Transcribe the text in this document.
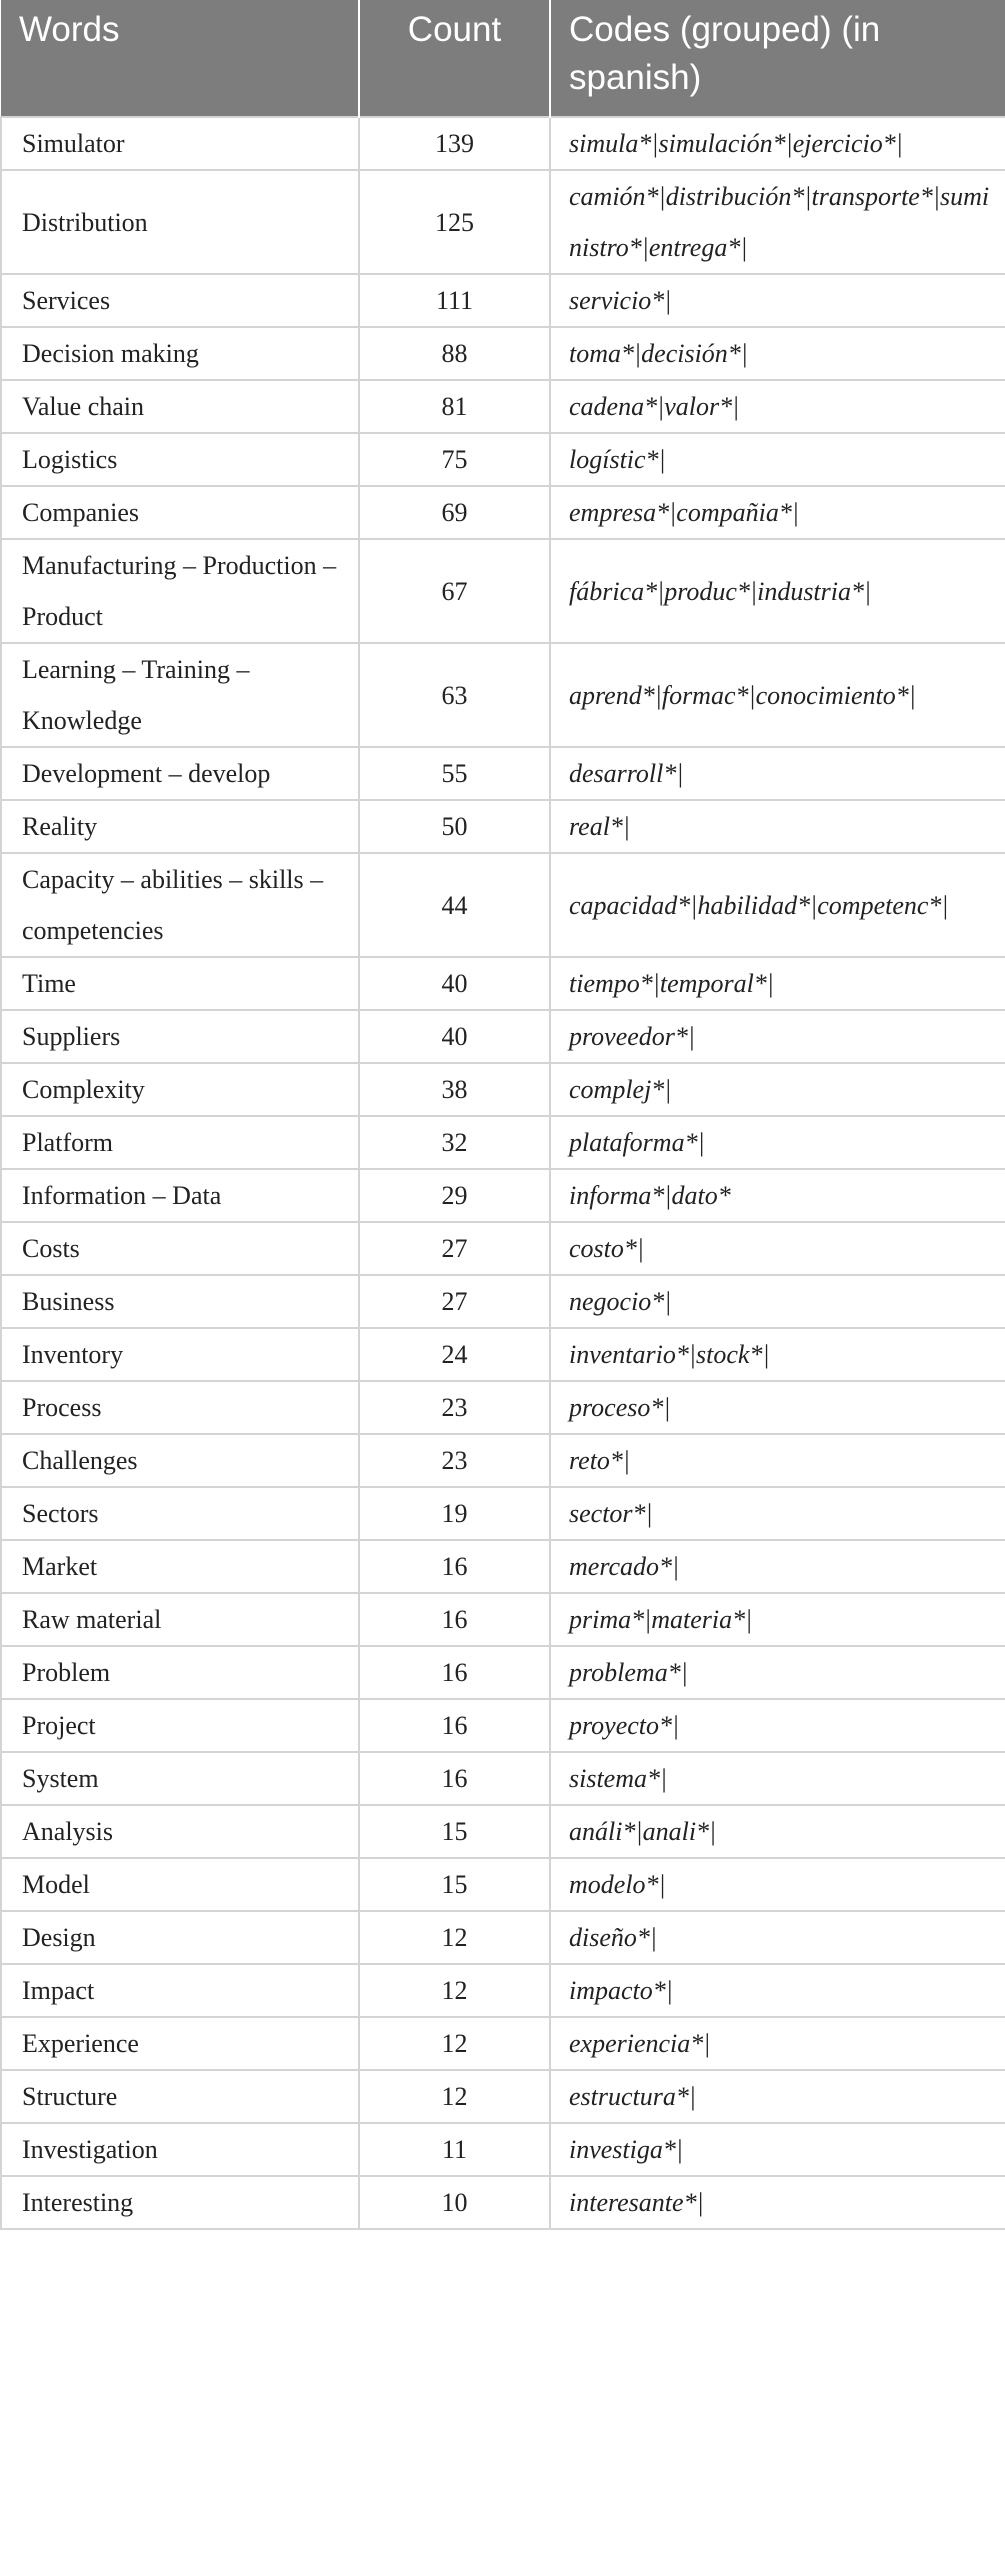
Words	Count	Codes (grouped) (in spanish)
Simulator	139	simula*|simulación*|ejercicio*|
Distribution	125	camión*|distribución*|transporte*|suministro*|entrega*|
Services	111	servicio*|
Decision making	88	toma*|decisión*|
Value chain	81	cadena*|valor*|
Logistics	75	logístic*|
Companies	69	empresa*|compañia*|
Manufacturing – Production – Product	67	fábrica*|produc*|industria*|
Learning – Training – Knowledge	63	aprend*|formac*|conocimiento*|
Development – develop	55	desarroll*|
Reality	50	real*|
Capacity – abilities – skills – competencies	44	capacidad*|habilidad*|competenc*|
Time	40	tiempo*|temporal*|
Suppliers	40	proveedor*|
Complexity	38	complej*|
Platform	32	plataforma*|
Information – Data	29	informa*|dato*
Costs	27	costo*|
Business	27	negocio*|
Inventory	24	inventario*|stock*|
Process	23	proceso*|
Challenges	23	reto*|
Sectors	19	sector*|
Market	16	mercado*|
Raw material	16	prima*|materia*|
Problem	16	problema*|
Project	16	proyecto*|
System	16	sistema*|
Analysis	15	análi*|anali*|
Model	15	modelo*|
Design	12	diseño*|
Impact	12	impacto*|
Experience	12	experiencia*|
Structure	12	estructura*|
Investigation	11	investiga*|
Interesting	10	interesante*|
